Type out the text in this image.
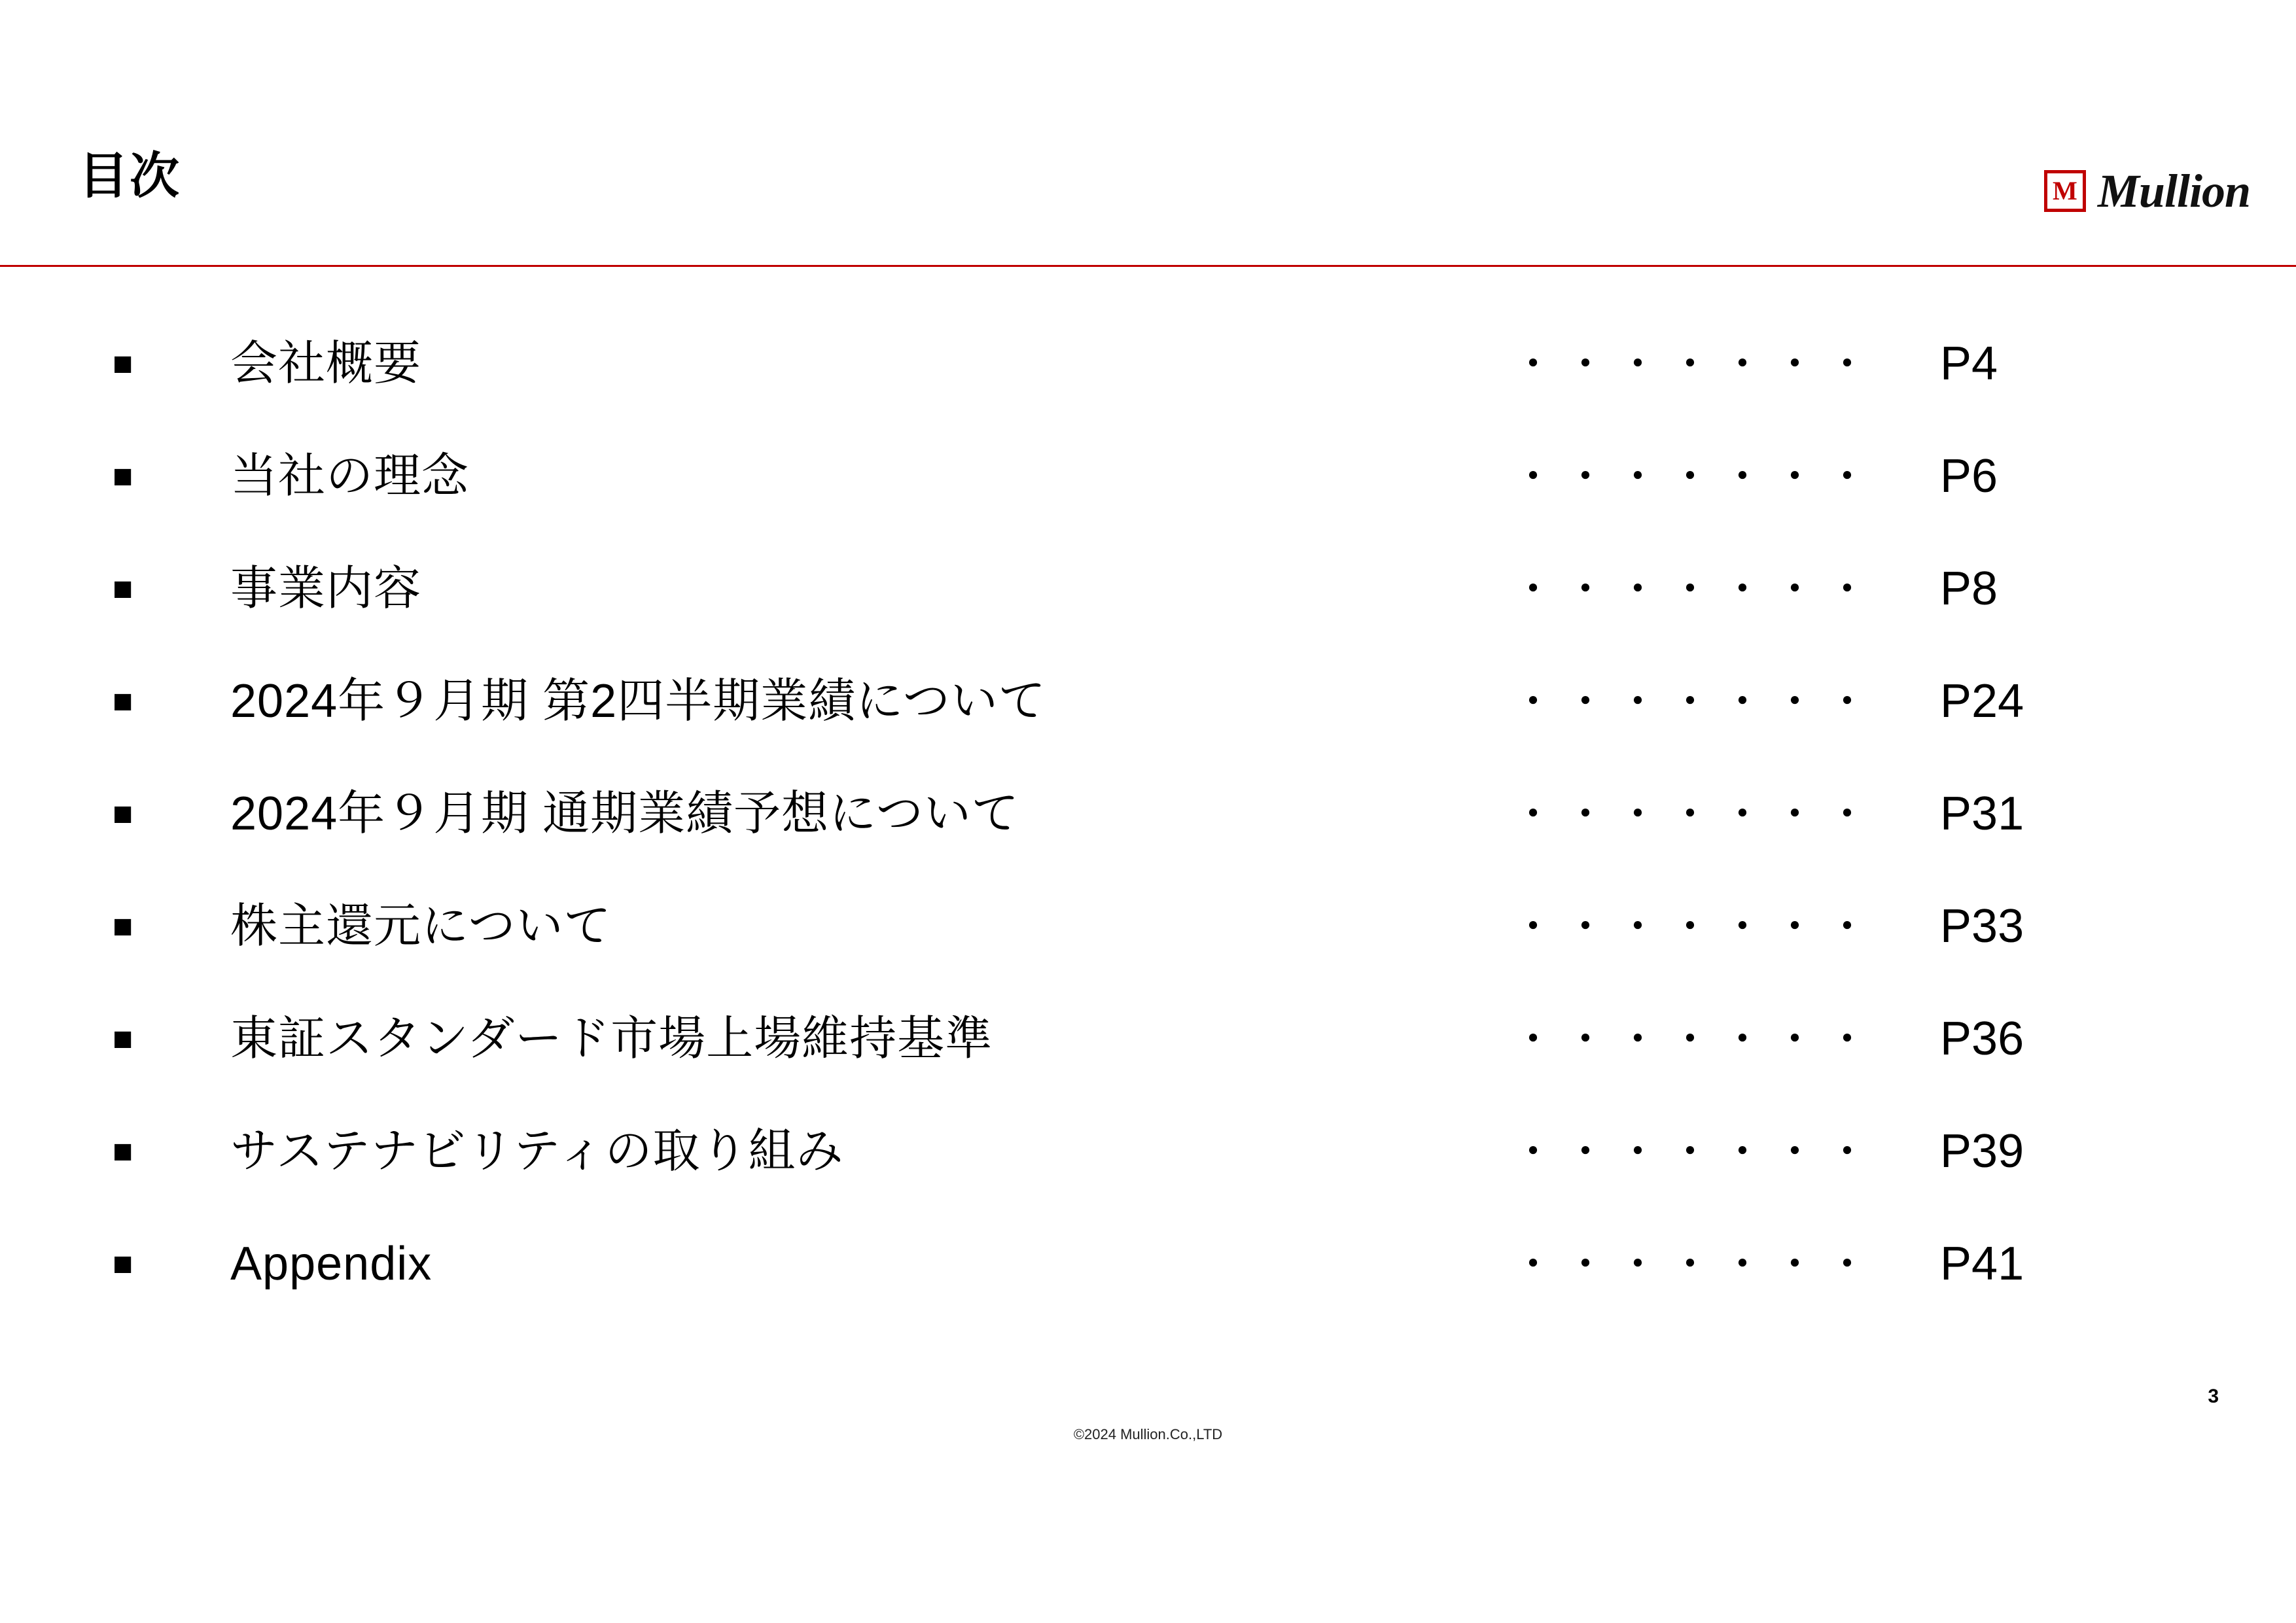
目次	M Mullion
■ 会社概要	・・・・・・・ P4
■ 当社の理念	・・・・・・・ P6
■ 事業内容	・・・・・・・ P8
■ 2024年９月期 第2四半期業績について	・・・・・・・ P24
■ 2024年９月期 通期業績予想について	・・・・・・・ P31
■ 株主還元について	・・・・・・・ P33
■ 東証スタンダード市場上場維持基準	・・・・・・・ P36
■ サステナビリティの取り組み	・・・・・・・ P39
■ Appendix	・・・・・・・ P41
©2024 Mullion.Co.,LTD
3
